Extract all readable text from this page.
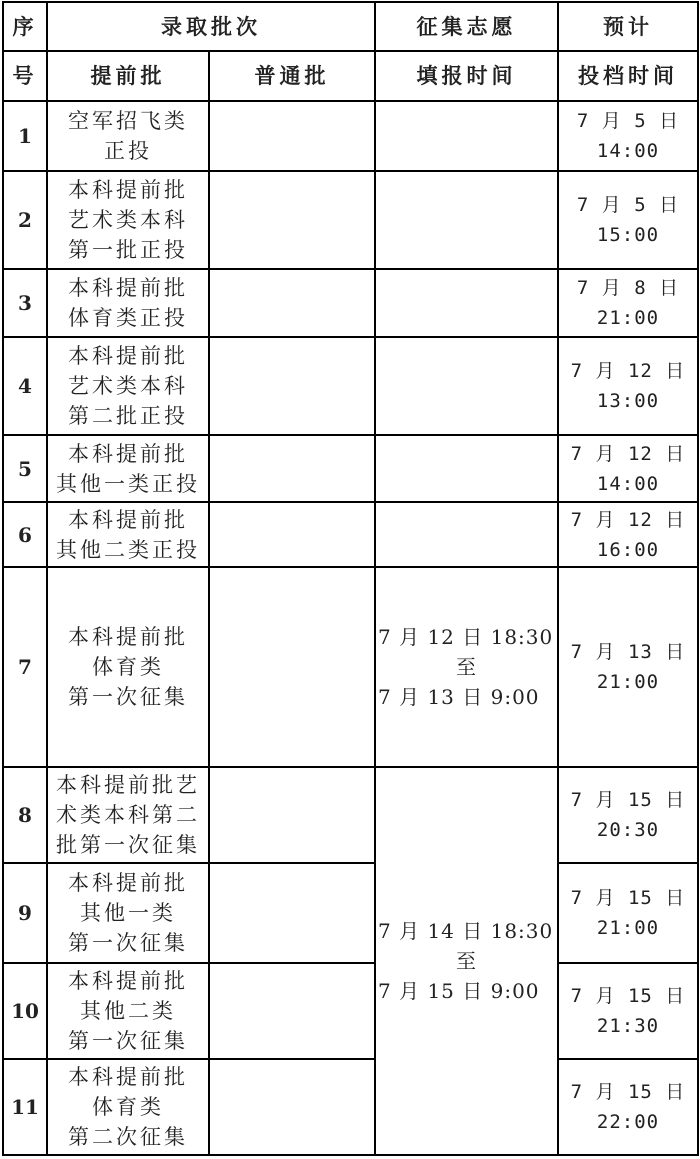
序	录取批次		征集志愿	预计
号	提前批	普通批	填报时间	投档时间
1	空军招飞类
正投			7 月 5 日
14:00

2	本科提前批
艺术类本科
第一批正投			7 月 5 日
15:00

3	本科提前批
体育类正投			7 月 8 日
21:00

4	本科提前批
艺术类本科
第二批正投			7 月 12 日
13:00

5	本科提前批
其他一类正投			7 月 12 日
14:00

6	本科提前批
其他二类正投			7 月 12 日
16:00

7	本科提前批
体育类
第一次征集		7 月 12 日 18:30
至
7 月 13 日 9:00	7 月 13 日
21:00

8	本科提前批艺
术类本科第二
批第一次征集		7 月 14 日 18:30
至
7 月 15 日 9:00	7 月 15 日
20:30

9	本科提前批
其他一类
第一次征集			7 月 15 日
21:00

10	本科提前批
其他二类
第一次征集			7 月 15 日
21:30

11	本科提前批
体育类
第二次征集			7 月 15 日
22:00
